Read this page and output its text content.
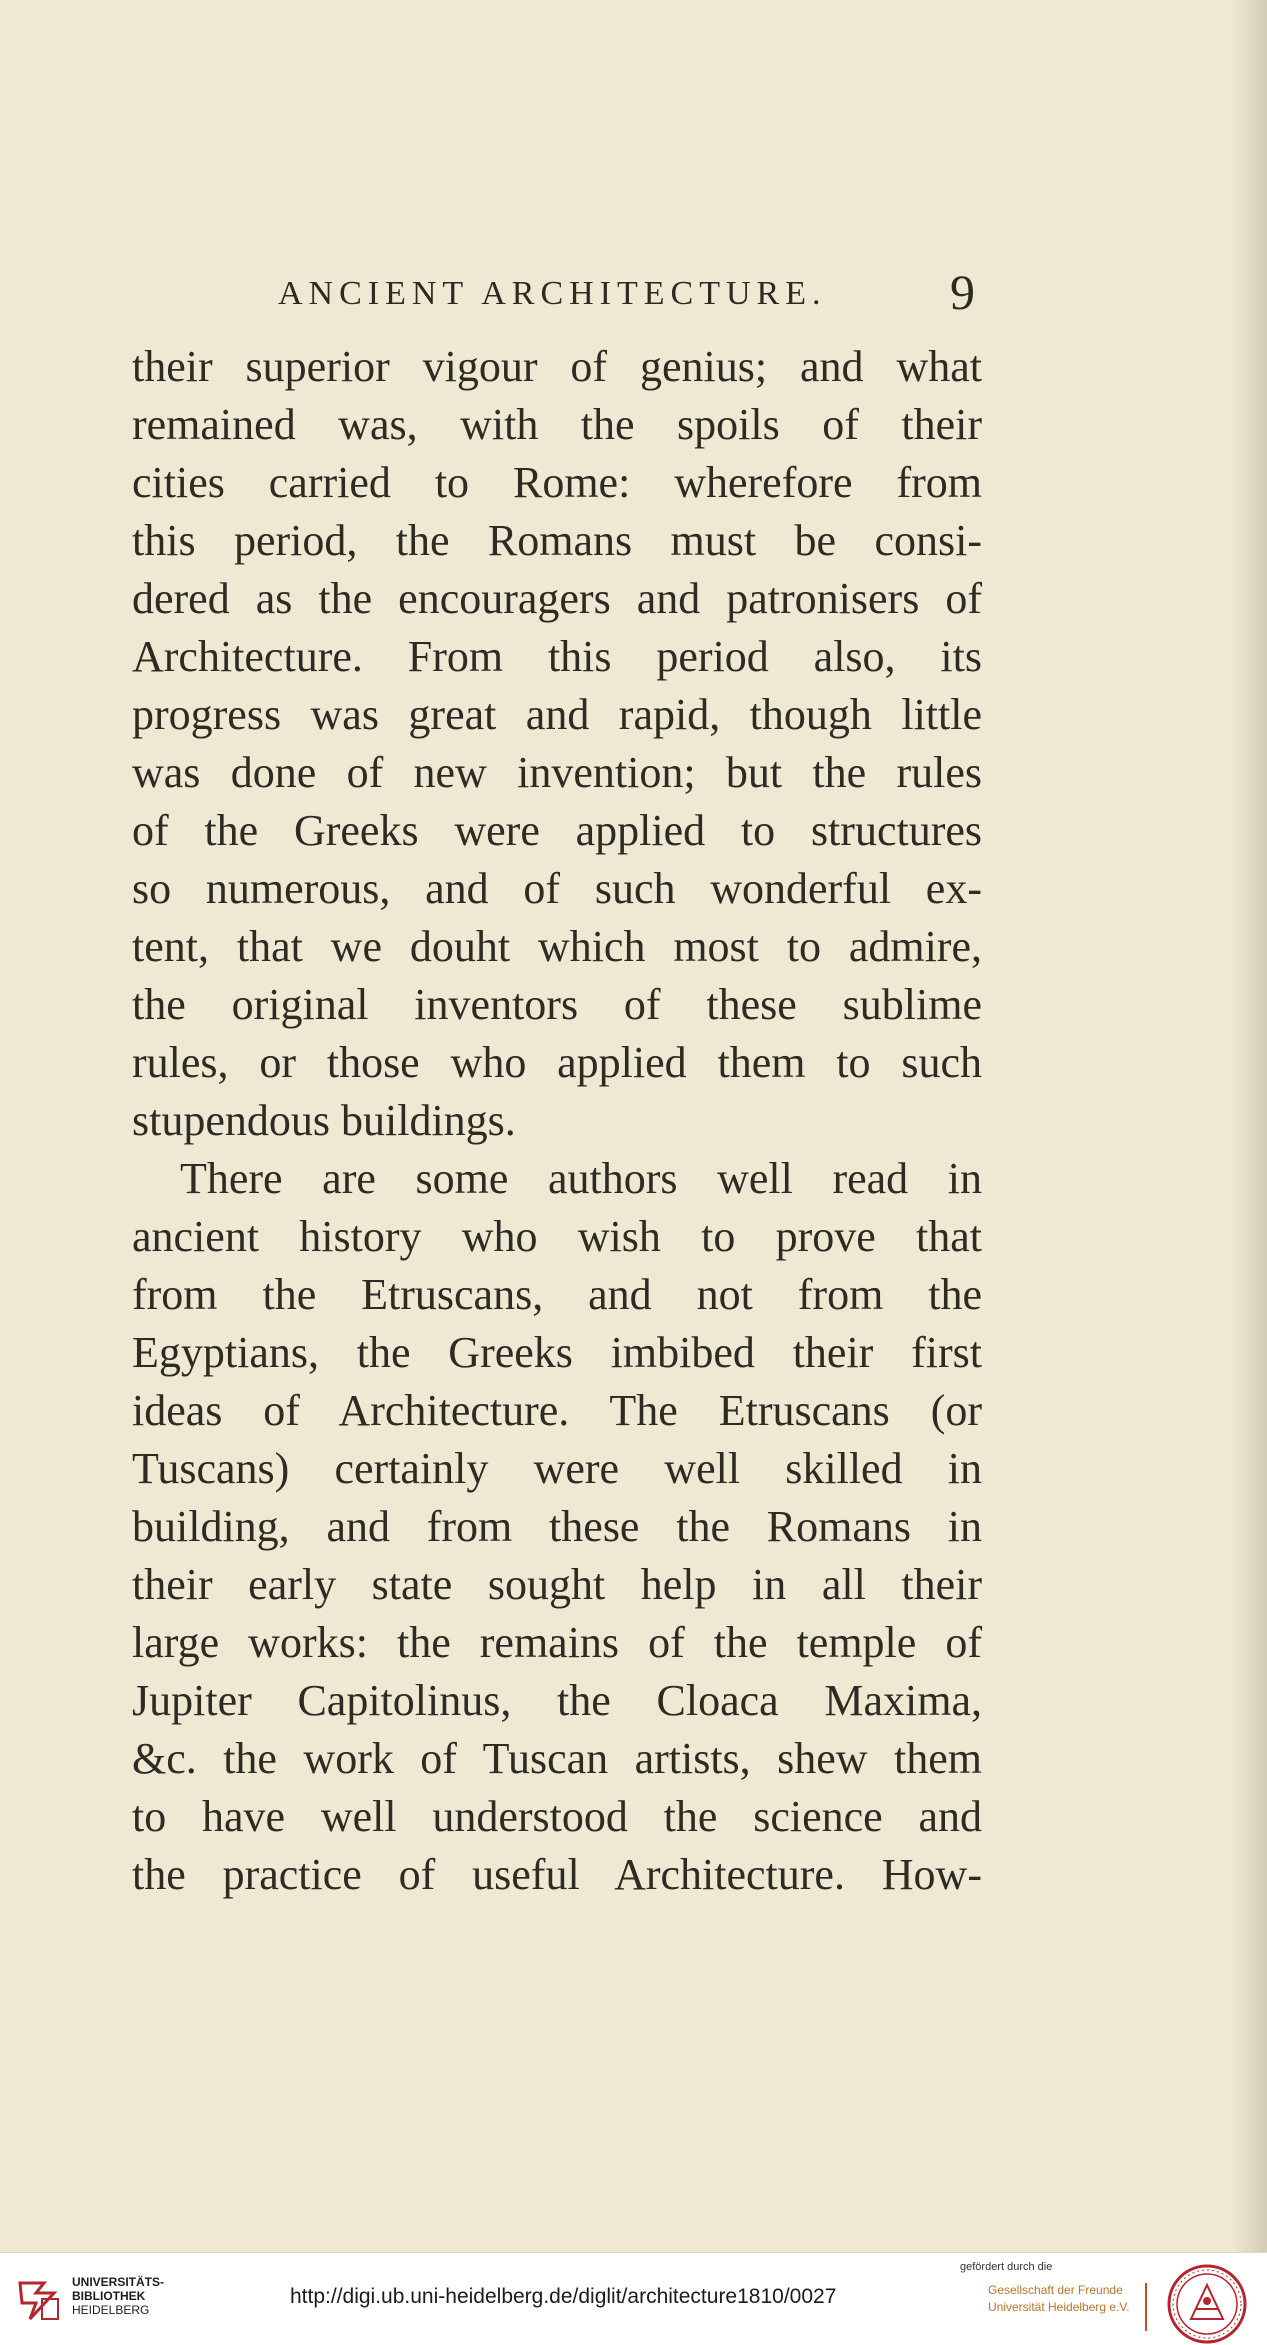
ANCIENT ARCHITECTURE. 9
their superior vigour of genius; and what
remained was, with the spoils of their
cities carried to Rome: wherefore from
this period, the Romans must be consi-
dered as the encouragers and patronisers of
Architecture. From this period also, its
progress was great and rapid, though little
was done of new invention; but the rules
of the Greeks were applied to structures
so numerous, and of such wonderful ex-
tent, that we douht which most to admire,
the original inventors of these sublime
rules, or those who applied them to such
stupendous buildings.
There are some authors well read in
ancient history who wish to prove that
from the Etruscans, and not from the
Egyptians, the Greeks imbibed their first
ideas of Architecture. The Etruscans (or
Tuscans) certainly were well skilled in
building, and from these the Romans in
their early state sought help in all their
large works: the remains of the temple of
Jupiter Capitolinus, the Cloaca Maxima,
&c. the work of Tuscan artists, shew them
to have well understood the science and
the practice of useful Architecture. How-
UNIVERSITÄTS-
BIBLIOTHEK
HEIDELBERG
http://digi.ub.uni-heidelberg.de/diglit/architecture1810/0027
gefördert durch die
Gesellschaft der Freunde
Universität Heidelberg e.V.
